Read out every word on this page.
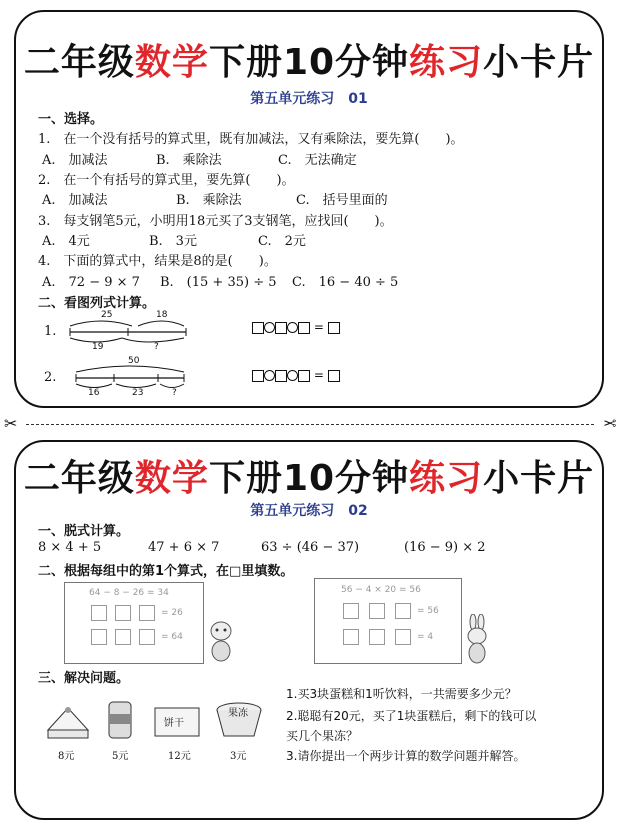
二年级数学下册10分钟练习小卡片
第五单元练习　01
一、选择。
1.　在一个没有括号的算式里，既有加减法，又有乘除法，要先算(　　)。
A.　加减法	B.　乘除法	C.　无法确定
2.　在一个有括号的算式里，要先算(　　)。
A.　加减法	B.　乘除法	C.　括号里面的
3.　每支钢笔5元，小明用18元买了3支钢笔，应找回(　　)。
A.　4元	B.　3元	C.　2元
4.　下面的算式中，结果是8的是(　　)。
A.　72 − 9 × 7 B.　(15 + 35) ÷ 5 C.　16 − 40 ÷ 5
二、看图列式计算。
1.
25	18
19	?
=
2.
50
16	23	?
=
✂	✂
二年级数学下册10分钟练习小卡片
第五单元练习　02
一、脱式计算。
8 × 4 + 5	47 + 6 × 7	63 ÷ (46 − 37)	(16 − 9) × 2
二、根据每组中的第1个算式，在□里填数。
64 − 8 − 26 = 34
= 26
= 64
56 − 4 × 20 = 56
= 56
= 4
三、解决问题。
8元	5元
饼干
12元
果冻
3元
1.买3块蛋糕和1听饮料，一共需要多少元？
2.聪聪有20元，买了1块蛋糕后，剩下的钱可以
买几个果冻？
3.请你提出一个两步计算的数学问题并解答。
